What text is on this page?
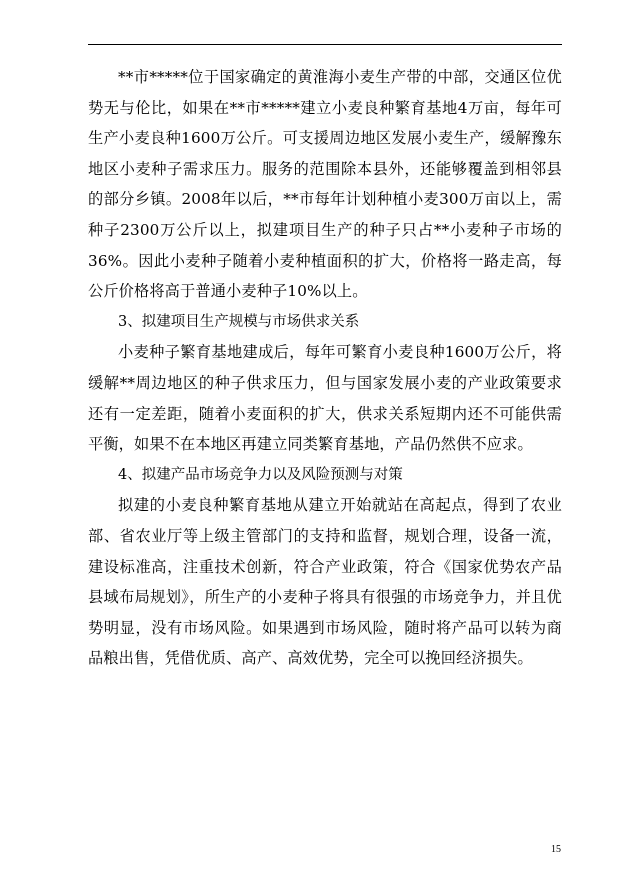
**市*****位于国家确定的黄淮海小麦生产带的中部，交通区位优势无与伦比，如果在**市*****建立小麦良种繁育基地4万亩，每年可生产小麦良种1600万公斤。可支援周边地区发展小麦生产，缓解豫东地区小麦种子需求压力。服务的范围除本县外，还能够覆盖到相邻县的部分乡镇。2008年以后，**市每年计划种植小麦300万亩以上，需种子2300万公斤以上，拟建项目生产的种子只占**小麦种子市场的36%。因此小麦种子随着小麦种植面积的扩大，价格将一路走高，每公斤价格将高于普通小麦种子10%以上。

3、拟建项目生产规模与市场供求关系

小麦种子繁育基地建成后，每年可繁育小麦良种1600万公斤，将缓解**周边地区的种子供求压力，但与国家发展小麦的产业政策要求还有一定差距，随着小麦面积的扩大，供求关系短期内还不可能供需平衡，如果不在本地区再建立同类繁育基地，产品仍然供不应求。

4、拟建产品市场竞争力以及风险预测与对策

拟建的小麦良种繁育基地从建立开始就站在高起点，得到了农业部、省农业厅等上级主管部门的支持和监督，规划合理，设备一流，建设标准高，注重技术创新，符合产业政策，符合《国家优势农产品县域布局规划》，所生产的小麦种子将具有很强的市场竞争力，并且优势明显，没有市场风险。如果遇到市场风险，随时将产品可以转为商品粮出售，凭借优质、高产、高效优势，完全可以挽回经济损失。

15
